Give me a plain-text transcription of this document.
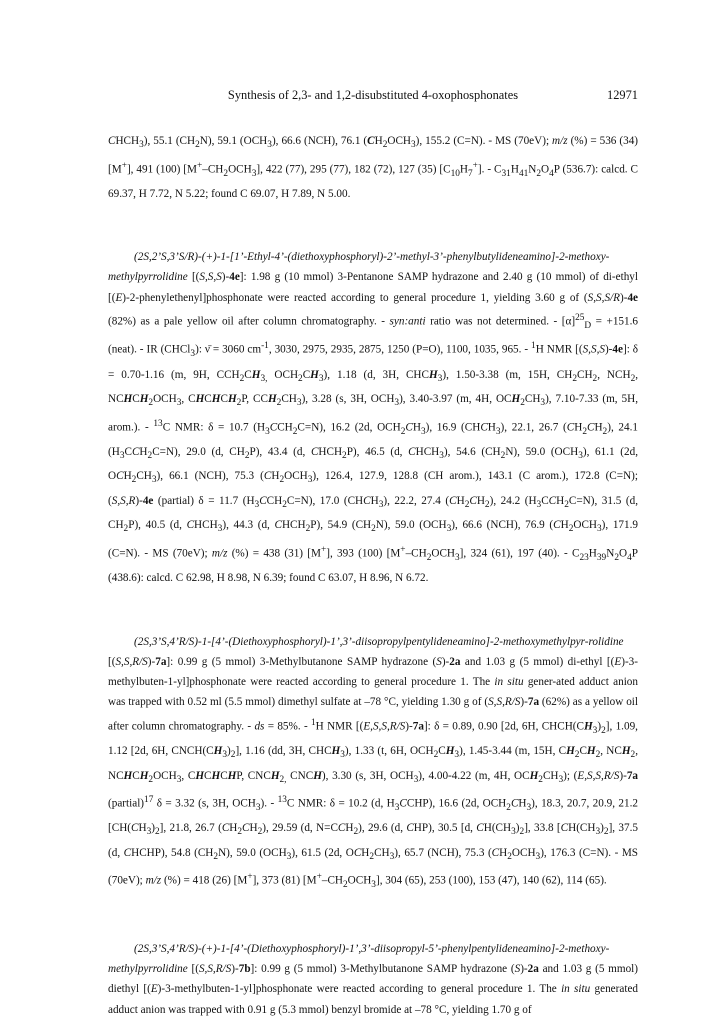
Synthesis of 2,3- and 1,2-disubstituted 4-oxophosphonates	12971

$CHCH_3$), 55.1 $(CH_2N)$, 59.1 $(OCH_3)$, 66.6 (NCH), 76.1 $(CH_2OCH_3)$, 155.2 (C=N). - MS (70eV); m/z (%) = 536 (34) [M+], 491 (100) $[M^+-CH_2OCH_3]$, 422 (77), 295 (77), 182 (72), 127 (35) $[C_{10}H_7^+]$. - $C_{31}H_{41}N_2O_4P$ (536.7): calcd. C 69.37, H 7.72, N 5.22; found C 69.07, H 7.89, N 5.00.

(2S,2’S,3’S/R)-(+)-1-[1’-Ethyl-4’-(diethoxyphosphoryl)-2’-methyl-3’-phenylbutylideneamino]-2-methoxy-methylpyrrolidine [(S,S,S)-4e]: 1.98 g (10 mmol) 3-Pentanone SAMP hydrazone and 2.40 g (10 mmol) of di-ethyl [(E)-2-phenylethenyl]phosphonate were reacted according to general procedure 1, yielding 3.60 g of (S,S,S/R)-4e (82%) as a pale yellow oil after column chromatography. - syn:anti ratio was not determined. - $[\alpha]^{25}_D = +151.6$ (neat). - IR (CHCl$_3$): ν̄ = 3060 $cm^{-1}$, 3030, 2975, 2935, 2875, 1250 (P=O), 1100, 1035, 965. - $^1$H NMR [(S,S,S)-4e]: δ = 0.70-1.16 (m, 9H, $CCH_2CH_{3,}$ $OCH_2CH_3$), 1.18 (d, 3H, $CHCH_3$), 1.50-3.38 (m, 15H, $CH_2CH_2$, $NCH_2$, $NCHCH_2OCH_3$, $CHCHCH_2P$, $CCH_2CH_3$), 3.28 (s, 3H, $OCH_3$), 3.40-3.97 (m, 4H, $OCH_2CH_3$), 7.10-7.33 (m, 5H, arom.). - $^{13}$C NMR: δ = 10.7 $(H_3CCH_2C=N)$, 16.2 (2d, $OCH_2CH_3$), 16.9 $(CHCH_3)$, 22.1, 26.7 $(CH_2CH_2)$, 24.1 $(H_3CCH_2C=N)$, 29.0 (d, $CH_2P$), 43.4 (d, $CHCH_2P$), 46.5 (d, $CHCH_3$), 54.6 $(CH_2N)$, 59.0 $(OCH_3)$, 61.1 (2d, $OCH_2CH_3$), 66.1 (NCH), 75.3 $(CH_2OCH_3)$, 126.4, 127.9, 128.8 (CH arom.), 143.1 (C arom.), 172.8 (C=N); (S,S,R)-4e (partial) δ = 11.7 $(H_3CCH_2C=N)$, 17.0 $(CHCH_3)$, 22.2, 27.4 $(CH_2CH_2)$, 24.2 $(H_3CCH_2C=N)$, 31.5 (d, $CH_2P$), 40.5 (d, $CHCH_3$), 44.3 (d, $CHCH_2P$), 54.9 $(CH_2N)$, 59.0 $(OCH_3)$, 66.6 (NCH), 76.9 $(CH_2OCH_3)$, 171.9 (C=N). - MS (70eV); m/z (%) = 438 (31) [M+], 393 (100) $[M^+-CH_2OCH_3]$, 324 (61), 197 (40). - $C_{23}H_{39}N_2O_4P$ (438.6): calcd. C 62.98, H 8.98, N 6.39; found C 63.07, H 8.96, N 6.72.

(2S,3’S,4’R/S)-1-[4’-(Diethoxyphosphoryl)-1’,3’-diisopropylpentylideneamino]-2-methoxymethylpyr-rolidine [(S,S,R/S)-7a]: 0.99 g (5 mmol) 3-Methylbutanone SAMP hydrazone (S)-2a and 1.03 g (5 mmol) di-ethyl [(E)-3-methylbuten-1-yl]phosphonate were reacted according to general procedure 1. The in situ gener-ated adduct anion was trapped with 0.52 ml (5.5 mmol) dimethyl sulfate at –78 °C, yielding 1.30 g of (S,S,R/S)-7a (62%) as a yellow oil after column chromatography. - ds = 85%. - $^1$H NMR [(E,S,S,R/S)-7a]: δ = 0.89, 0.90 [2d, 6H, $CHCH(CH_3)_2$], 1.09, 1.12 [2d, 6H, $CNCH(CH_3)_2$], 1.16 (dd, 3H, $CHCH_3$), 1.33 (t, 6H, $OCH_2CH_3$), 1.45-3.44 (m, 15H, $CH_2CH_2$, $NCH_2$, $NCHCH_2OCH_3$, CHCHCHP, $CNCH_{2,}$ CNCH), 3.30 (s, 3H, $OCH_3$), 4.00-4.22 (m, 4H, $OCH_2CH_3$); (E,S,S,R/S)-7a (partial)$^{17}$ δ = 3.32 (s, 3H, $OCH_3$). - $^{13}$C NMR: δ = 10.2 (d, $H_3CCHP$), 16.6 (2d, $OCH_2CH_3$), 18.3, 20.7, 20.9, 21.2 $[CH(CH_3)_2]$, 21.8, 26.7 $(CH_2CH_2)$, 29.59 (d, $N=CCH_2$), 29.6 (d, CHP), 30.5 [d, $CH(CH_3)_2$], 33.8 $[CH(CH_3)_2]$, 37.5 (d, CHCHP), 54.8 $(CH_2N)$, 59.0 $(OCH_3)$, 61.5 (2d, $OCH_2CH_3$), 65.7 (NCH), 75.3 $(CH_2OCH_3)$, 176.3 (C=N). - MS (70eV); m/z (%) = 418 (26) [M+], 373 (81) $[M^+-CH_2OCH_3]$, 304 (65), 253 (100), 153 (47), 140 (62), 114 (65).

(2S,3’S,4’R/S)-(+)-1-[4’-(Diethoxyphosphoryl)-1’,3’-diisopropyl-5’-phenylpentylideneamino]-2-methoxy-methylpyrrolidine [(S,S,R/S)-7b]: 0.99 g (5 mmol) 3-Methylbutanone SAMP hydrazone (S)-2a and 1.03 g (5 mmol) diethyl [(E)-3-methylbuten-1-yl]phosphonate were reacted according to general procedure 1. The in situ generated adduct anion was trapped with 0.91 g (5.3 mmol) benzyl bromide at –78 °C, yielding 1.70 g of
